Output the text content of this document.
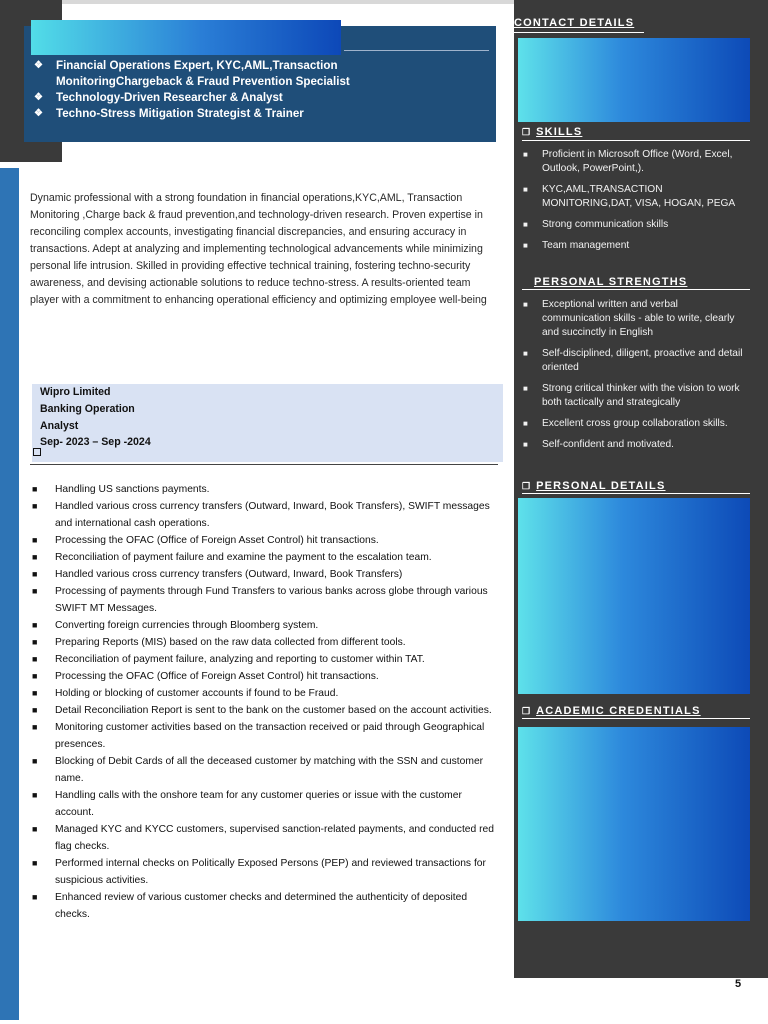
❖	Financial Operations Expert, KYC,AML,Transaction MonitoringChargeback & Fraud Prevention Specialist
❖	Technology-Driven Researcher & Analyst
❖	Techno-Stress Mitigation Strategist & Trainer

Dynamic professional with a strong foundation in financial operations,KYC,AML, Transaction Monitoring ,Charge back & fraud prevention,and technology-driven research. Proven expertise in reconciling complex accounts, investigating financial discrepancies, and ensuring accuracy in transactions. Adept at analyzing and implementing technological advancements while minimizing personal life intrusion. Skilled in providing effective technical training, fostering techno-security awareness, and devising actionable solutions to reduce techno-stress. A results-oriented team player with a commitment to enhancing operational efficiency and optimizing employee well-being

Wipro Limited
Banking Operation
Analyst
Sep- 2023 – Sep -2024
■	Handling US sanctions payments.
■	Handled various cross currency transfers (Outward, Inward, Book Transfers), SWIFT messages and international cash operations.
■	Processing the OFAC (Office of Foreign Asset Control) hit transactions.
■	Reconciliation of payment failure and examine the payment to the escalation team.
■	Handled various cross currency transfers (Outward, Inward, Book Transfers)
■	Processing of payments through Fund Transfers to various banks across globe through various SWIFT MT Messages.
■	Converting foreign currencies through Bloomberg system.
■	Preparing Reports (MIS) based on the raw data collected from different tools.
■	Reconciliation of payment failure, analyzing and reporting to customer within TAT.
■	Processing the OFAC (Office of Foreign Asset Control) hit transactions.
■	Holding or blocking of customer accounts if found to be Fraud.
■	Detail Reconciliation Report is sent to the bank on the customer based on the account activities.
■	Monitoring customer activities based on the transaction received or paid through Geographical presences.
■	Blocking of Debit Cards of all the deceased customer by matching with the SSN and customer name.
■	Handling calls with the onshore team for any customer queries or issue with the customer account.
■	Managed KYC and KYCC customers, supervised sanction-related payments, and conducted red flag checks.
■	Performed internal checks on Politically Exposed Persons (PEP) and reviewed transactions for suspicious activities.
■	Enhanced review of various customer checks and determined the authenticity of deposited checks.
CONTACT DETAILS
❒ SKILLS
■	Proficient in Microsoft Office (Word, Excel, Outlook, PowerPoint,).
■	KYC,AML,TRANSACTION MONITORING,DAT, VISA, HOGAN, PEGA
■	Strong communication skills
■	Team management
PERSONAL STRENGTHS
■	Exceptional written and verbal communication skills - able to write, clearly and succinctly in English
■	Self-disciplined, diligent, proactive and detail oriented
■	Strong critical thinker with the vision to work both tactically and strategically
■	Excellent cross group collaboration skills.
■	Self-confident and motivated.
❒ PERSONAL DETAILS
❒ ACADEMIC CREDENTIALS
5
